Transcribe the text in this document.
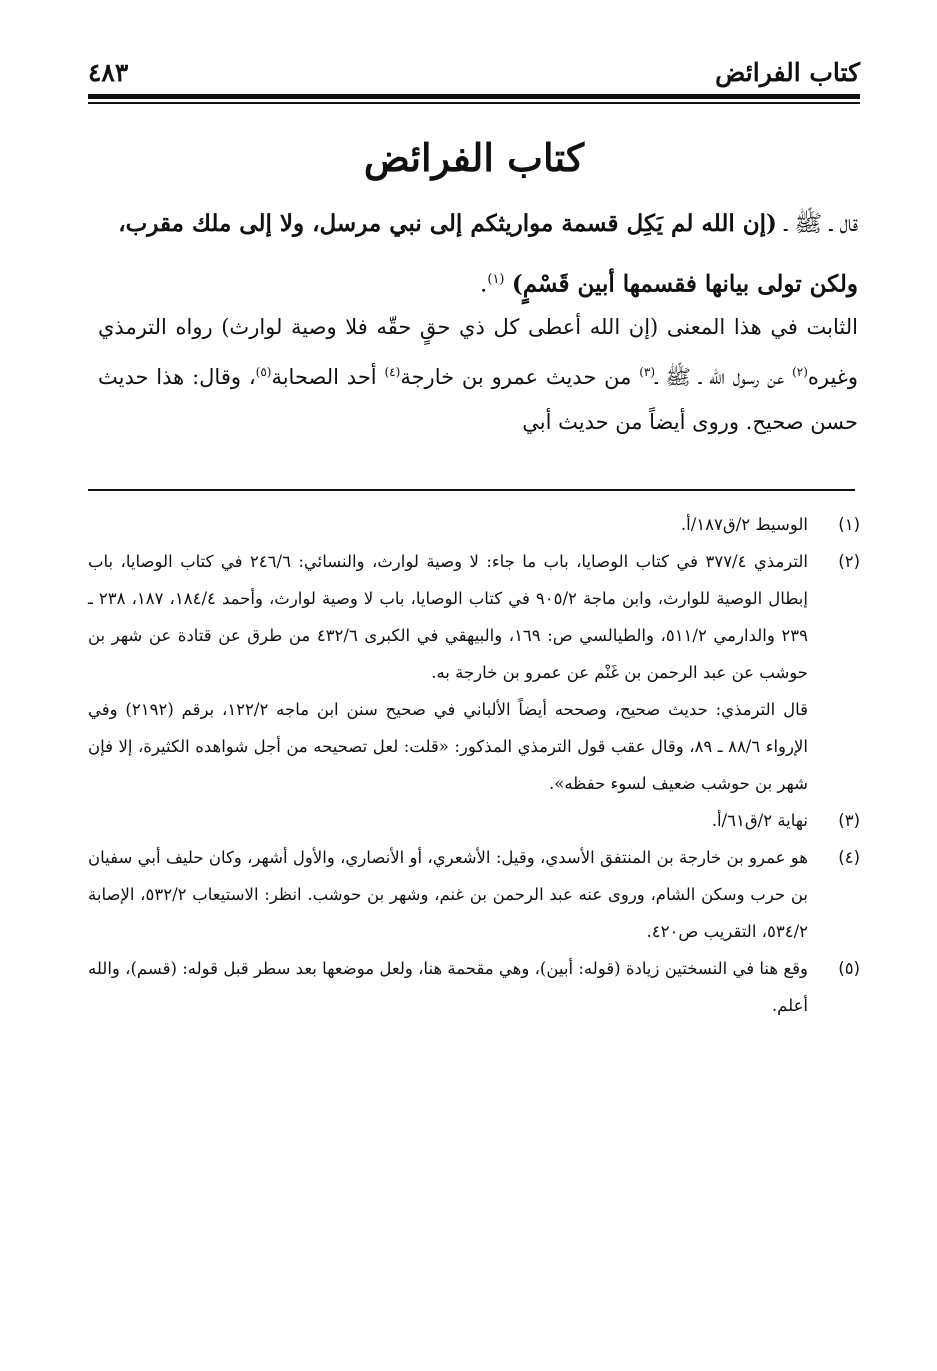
كتاب الفرائض
٤٨٣
كتاب الفرائض
قال ـ ﷺ ـ (إن الله لم يَكِل قسمة مواريثكم إلى نبي مرسل، ولا إلى ملك مقرب، ولكن تولى بيانها فقسمها أبين قَسْمٍ) $^{(١)}$.
الثابت في هذا المعنى (إن الله أعطى كل ذي حقٍ حقّه فلا وصية لوارث) رواه الترمذي وغيره$^{(٢)}$ عن رسول الله ـ ﷺ ـ$^{(٣)}$ من حديث عمرو بن خارجة$^{(٤)}$ أحد الصحابة$^{(٥)}$، وقال: هذا حديث حسن صحيح. وروى أيضاً من حديث أبي
(١)

الوسيط ٢/ق١٨٧/أ.

(٢)

الترمذي ٣٧٧/٤ في كتاب الوصايا، باب ما جاء: لا وصية لوارث، والنسائي: ٢٤٦/٦ في كتاب الوصايا، باب إبطال الوصية للوارث، وابن ماجة ٩٠٥/٢ في كتاب الوصايا، باب لا وصية لوارث، وأحمد ١٨٤/٤، ١٨٧، ٢٣٨ ـ ٢٣٩ والدارمي ٥١١/٢، والطيالسي ص: ١٦٩، والبيهقي في الكبرى ٤٣٢/٦ من طرق عن قتادة عن شهر بن حوشب عن عبد الرحمن بن غَنْم عن عمرو بن خارجة به.

قال الترمذي: حديث صحيح، وصححه أيضاً الألباني في صحيح سنن ابن ماجه ١٢٢/٢، برقم (٢١٩٢) وفي الإرواء ٨٨/٦ ـ ٨٩، وقال عقب قول الترمذي المذكور: «قلت: لعل تصحيحه من أجل شواهده الكثيرة، إلا فإن شهر بن حوشب ضعيف لسوء حفظه».

(٣)

نهاية ٢/ق٦١/أ.

(٤)

هو عمرو بن خارجة بن المنتفق الأسدي، وقيل: الأشعري، أو الأنصاري، والأول أشهر، وكان حليف أبي سفيان بن حرب وسكن الشام، وروى عنه عبد الرحمن بن غنم، وشهر بن حوشب. انظر: الاستيعاب ٥٣٢/٢، الإصابة ٥٣٤/٢، التقريب ص٤٢٠.

(٥)

وقع هنا في النسختين زيادة (قوله: أبين)، وهي مقحمة هنا، ولعل موضعها بعد سطر قبل قوله: (قسم)، والله أعلم.
